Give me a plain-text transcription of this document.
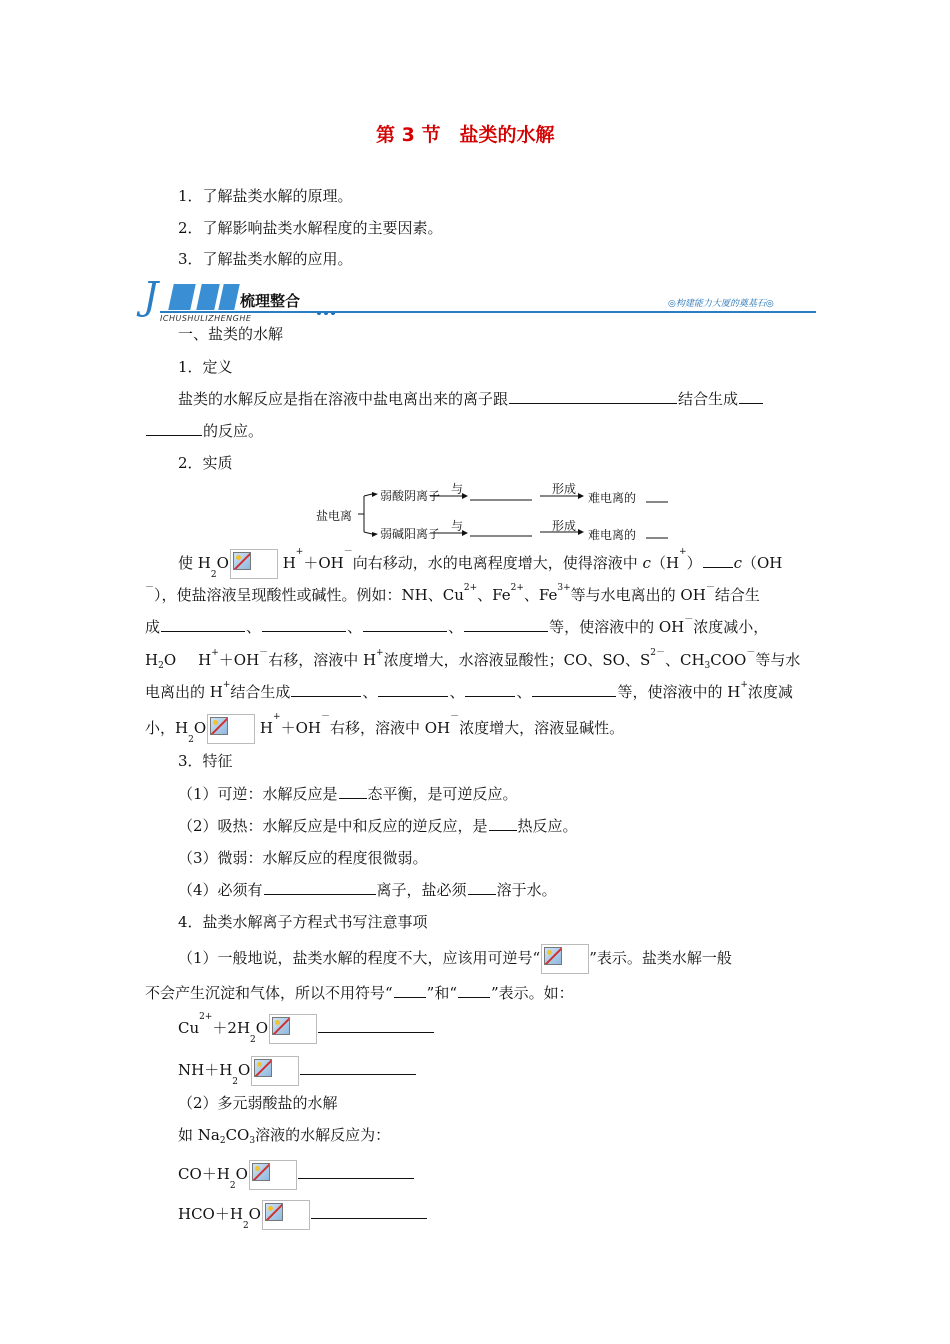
第 3 节　盐类的水解
1．了解盐类水解的原理。
2．了解影响盐类水解程度的主要因素。
3．了解盐类水解的应用。
J	梳理整合
ICHUSHULIZHENGHE
◎构建能力大厦的奠基石◎
一、盐类的水解
1．定义
盐类的水解反应是指在溶液中盐电离出来的离子跟	结合生成
的反应。
2．实质
盐电离
弱酸阴离子
弱碱阳离子
与
与
形成
形成
难电离的
难电离的
使 $H_2O$	H+＋OH－向右移动，水的电离程度增大，使得溶液中 c（H+） c（OH
－），使盐溶液呈现酸性或碱性。例如：NH、$Cu^{2+}$、$Fe^{2+}$、$Fe^{3+}$等与水电离出的 OH－结合生
成	、	、	、	等，使溶液中的 OH－浓度减小，
$H_2O$ H+＋OH－右移，溶液中 H+浓度增大，水溶液显酸性；CO、SO、$S^{2-}$、$CH_3COO^-$等与水
电离出的 H+结合生成	、	、	、	等，使溶液中的 H+浓度减
小，$H_2O$	H+＋OH－右移，溶液中 OH－浓度增大，溶液显碱性。
3．特征
（1）可逆：水解反应是 态平衡，是可逆反应。
（2）吸热：水解反应是中和反应的逆反应，是 热反应。
（3）微弱：水解反应的程度很微弱。
（4）必须有	离子，盐必须 溶于水。
4．盐类水解离子方程式书写注意事项
（1）一般地说，盐类水解的程度不大，应该用可逆号“	”表示。盐类水解一般
不会产生沉淀和气体，所以不用符号“ ”和“ ”表示。如：
$Cu^{2+}+2H_2O$
$NH+H_2O$
（2）多元弱酸盐的水解
如 $Na_2CO_3$溶液的水解反应为：
$CO+H_2O$
$HCO+H_2O$
